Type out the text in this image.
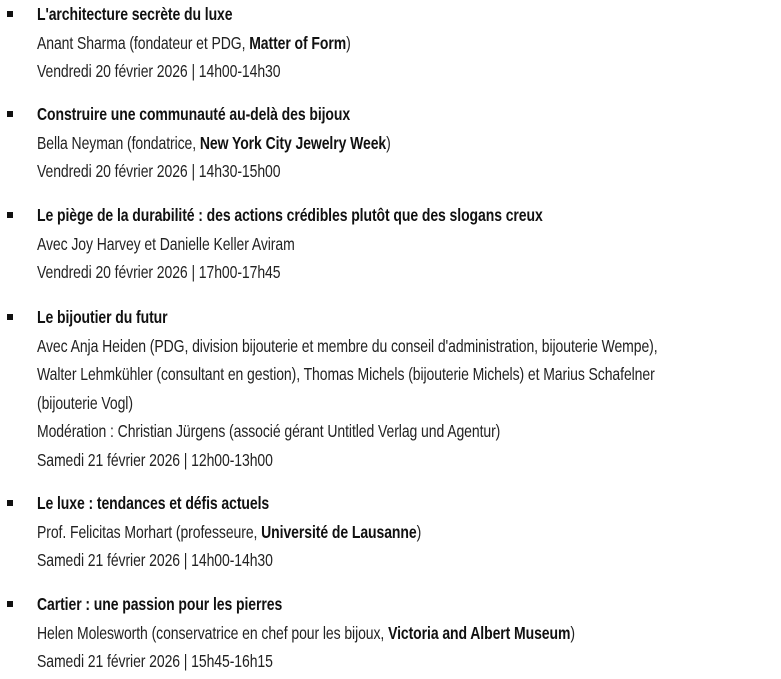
L'architecture secrète du luxe
Anant Sharma (fondateur et PDG, Matter of Form)
Vendredi 20 février 2026 | 14h00-14h30
Construire une communauté au-delà des bijoux
Bella Neyman (fondatrice, New York City Jewelry Week)
Vendredi 20 février 2026 | 14h30-15h00
Le piège de la durabilité : des actions crédibles plutôt que des slogans creux
Avec Joy Harvey et Danielle Keller Aviram
Vendredi 20 février 2026 | 17h00-17h45
Le bijoutier du futur
Avec Anja Heiden (PDG, division bijouterie et membre du conseil d'administration, bijouterie Wempe),
Walter Lehmkühler (consultant en gestion), Thomas Michels (bijouterie Michels) et Marius Schafelner
(bijouterie Vogl)
Modération : Christian Jürgens (associé gérant Untitled Verlag und Agentur)
Samedi 21 février 2026 | 12h00-13h00
Le luxe : tendances et défis actuels
Prof. Felicitas Morhart (professeure, Université de Lausanne)
Samedi 21 février 2026 | 14h00-14h30
Cartier : une passion pour les pierres
Helen Molesworth (conservatrice en chef pour les bijoux, Victoria and Albert Museum)
Samedi 21 février 2026 | 15h45-16h15
